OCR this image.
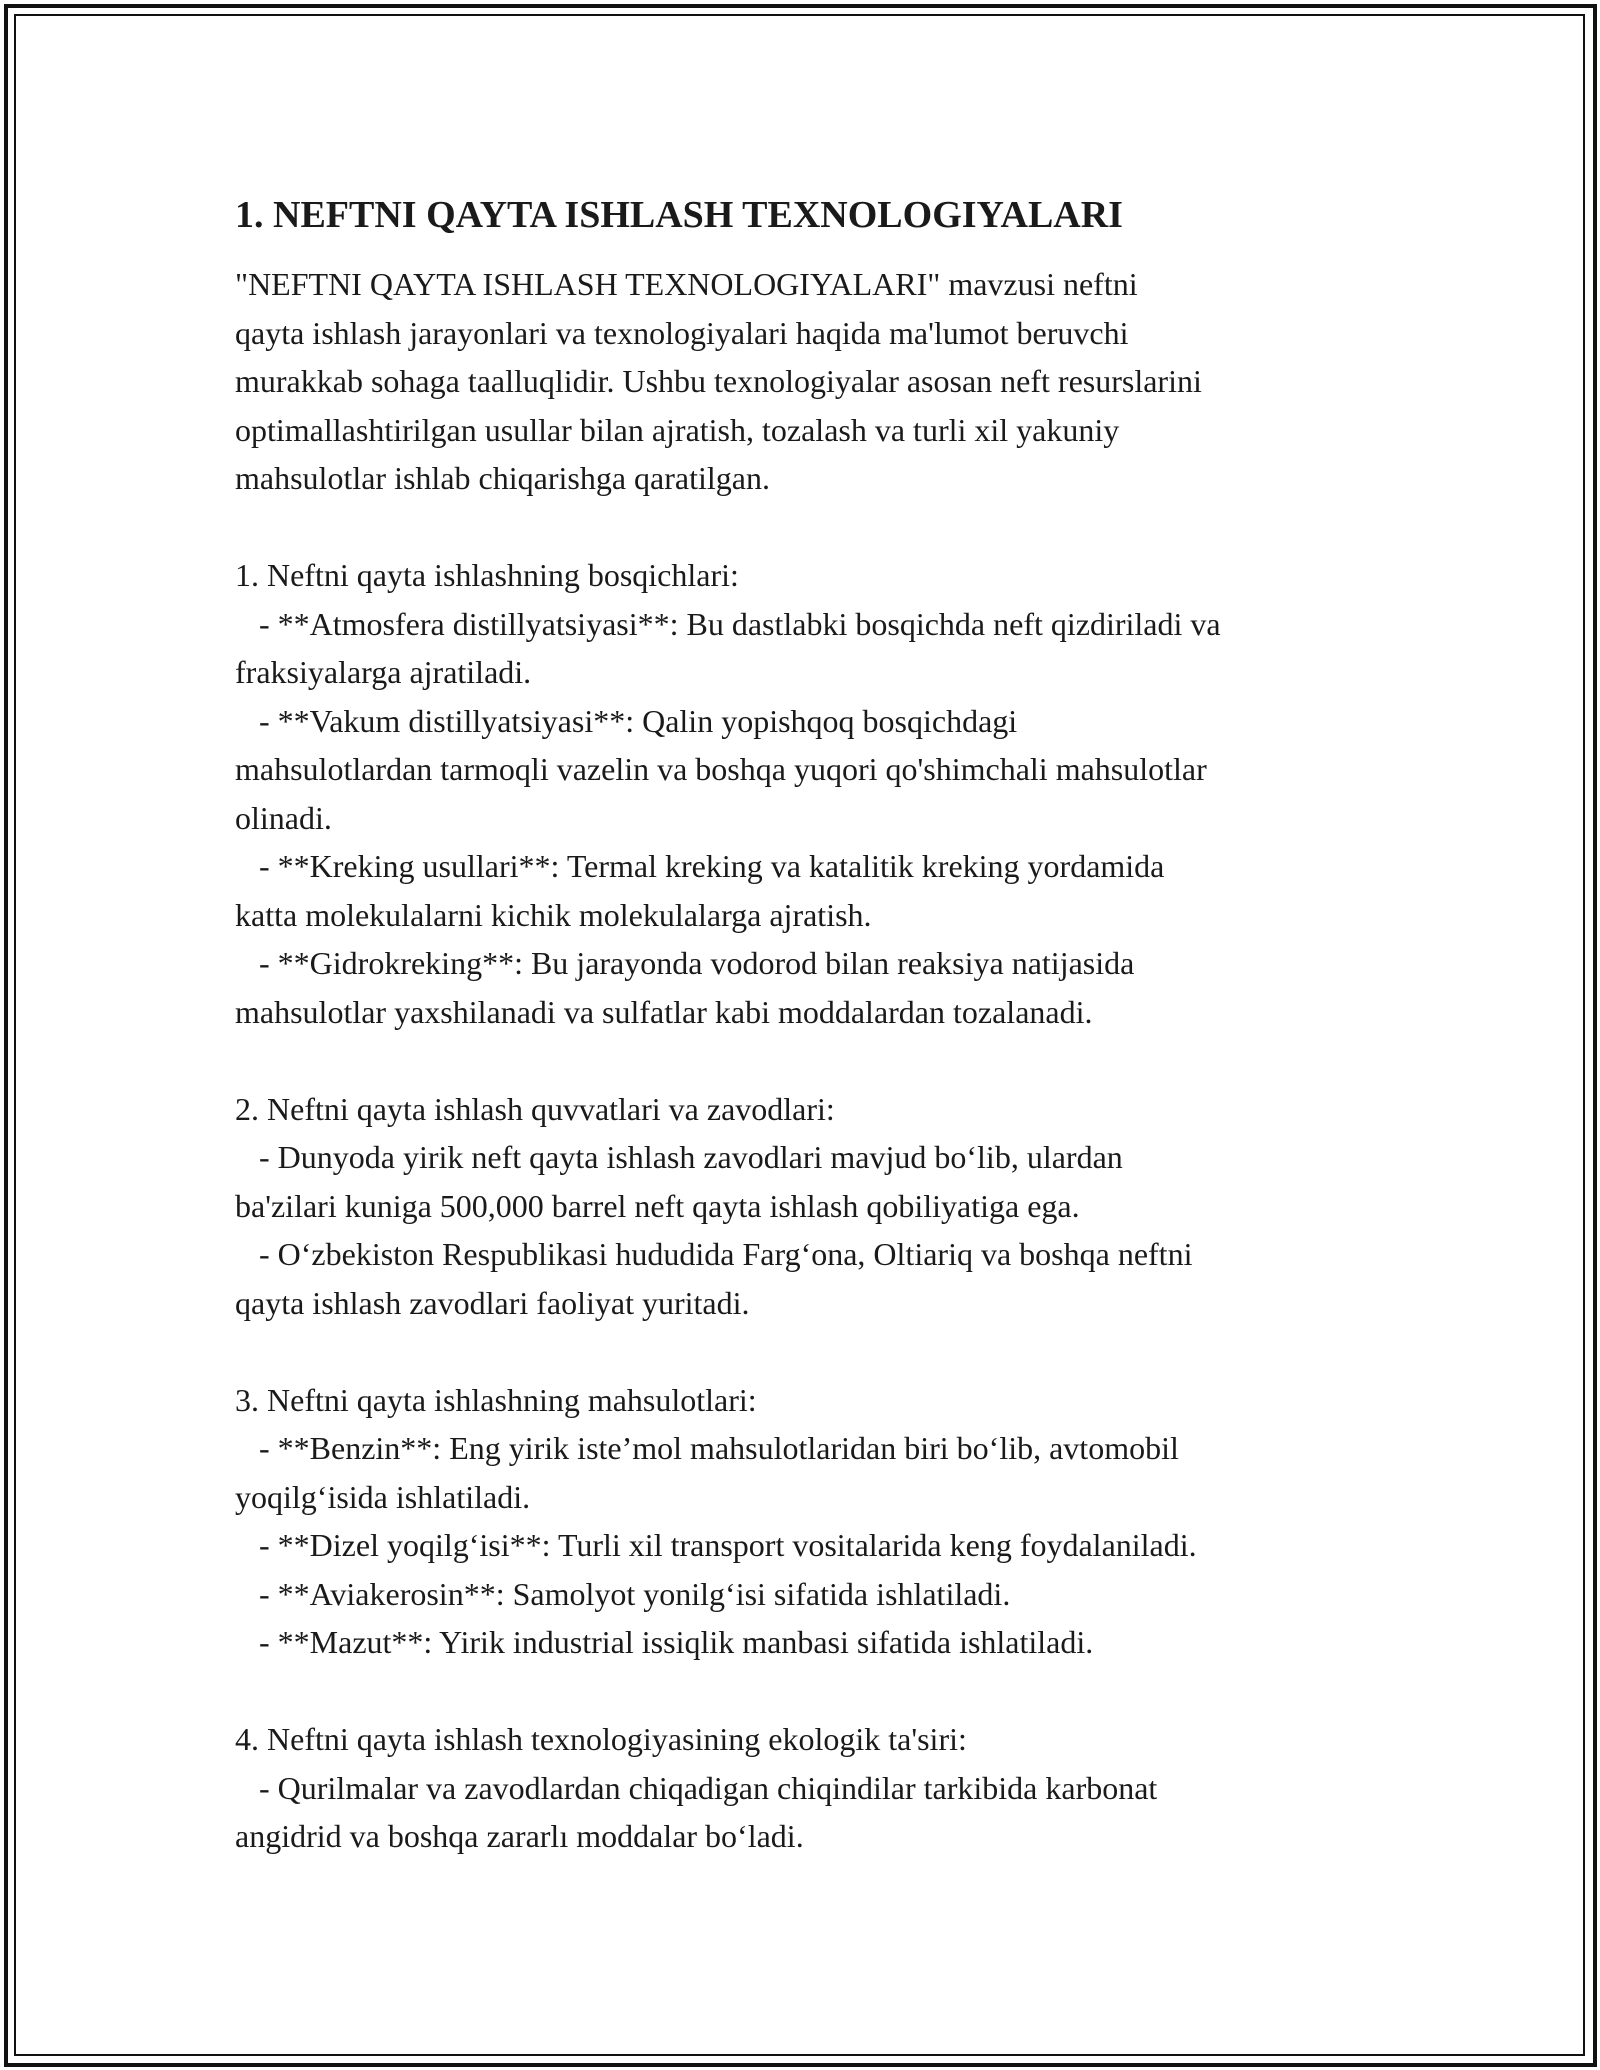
1. NEFTNI QAYTA ISHLASH TEXNOLOGIYALARI

"NEFTNI QAYTA ISHLASH TEXNOLOGIYALARI" mavzusi neftni
qayta ishlash jarayonlari va texnologiyalari haqida ma'lumot beruvchi
murakkab sohaga taalluqlidir. Ushbu texnologiyalar asosan neft resurslarini
optimallashtirilgan usullar bilan ajratish, tozalash va turli xil yakuniy
mahsulotlar ishlab chiqarishga qaratilgan.

1. Neftni qayta ishlashning bosqichlari:

- **Atmosfera distillyatsiyasi**: Bu dastlabki bosqichda neft qizdiriladi va
fraksiyalarga ajratiladi.

- **Vakum distillyatsiyasi**: Qalin yopishqoq bosqichdagi
mahsulotlardan tarmoqli vazelin va boshqa yuqori qo'shimchali mahsulotlar
olinadi.

- **Kreking usullari**: Termal kreking va katalitik kreking yordamida
katta molekulalarni kichik molekulalarga ajratish.

- **Gidrokreking**: Bu jarayonda vodorod bilan reaksiya natijasida
mahsulotlar yaxshilanadi va sulfatlar kabi moddalardan tozalanadi.

2. Neftni qayta ishlash quvvatlari va zavodlari:

- Dunyoda yirik neft qayta ishlash zavodlari mavjud bo‘lib, ulardan
ba'zilari kuniga 500,000 barrel neft qayta ishlash qobiliyatiga ega.

- O‘zbekiston Respublikasi hududida Farg‘ona, Oltiariq va boshqa neftni
qayta ishlash zavodlari faoliyat yuritadi.

3. Neftni qayta ishlashning mahsulotlari:

- **Benzin**: Eng yirik iste’mol mahsulotlaridan biri bo‘lib, avtomobil
yoqilg‘isida ishlatiladi.

- **Dizel yoqilg‘isi**: Turli xil transport vositalarida keng foydalaniladi.

- **Aviakerosin**: Samolyot yonilg‘isi sifatida ishlatiladi.

- **Mazut**: Yirik industrial issiqlik manbasi sifatida ishlatiladi.

4. Neftni qayta ishlash texnologiyasining ekologik ta'siri:

- Qurilmalar va zavodlardan chiqadigan chiqindilar tarkibida karbonat
angidrid va boshqa zararlı moddalar bo‘ladi.
